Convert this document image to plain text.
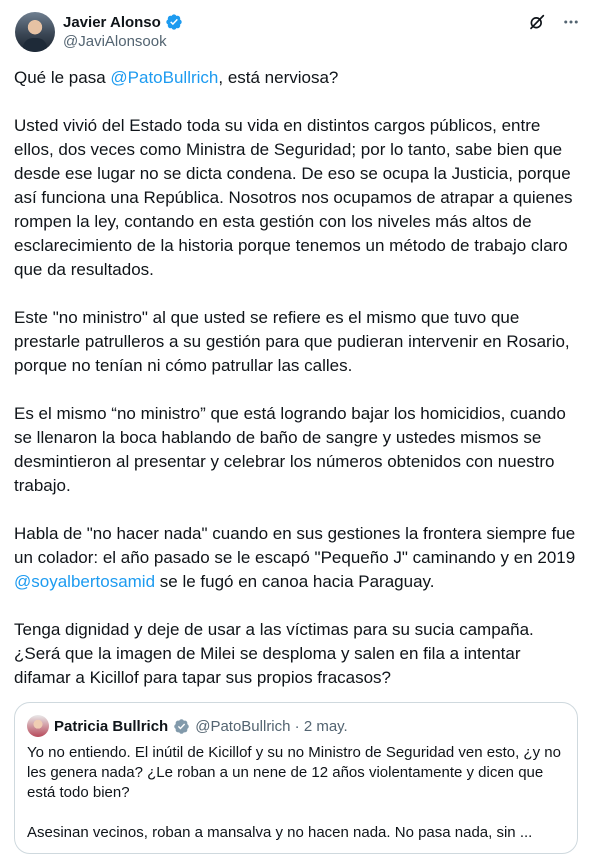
Javier Alonso
@JaviAlonsook

Qué le pasa @PatoBullrich, está nerviosa?

Usted vivió del Estado toda su vida en distintos cargos públicos, entre ellos, dos veces como Ministra de Seguridad; por lo tanto, sabe bien que desde ese lugar no se dicta condena. De eso se ocupa la Justicia, porque así funciona una República. Nosotros nos ocupamos de atrapar a quienes rompen la ley, contando en esta gestión con los niveles más altos de esclarecimiento de la historia porque tenemos un método de trabajo claro que da resultados.

Este "no ministro" al que usted se refiere es el mismo que tuvo que prestarle patrulleros a su gestión para que pudieran intervenir en Rosario, porque no tenían ni cómo patrullar las calles.

Es el mismo “no ministro” que está logrando bajar los homicidios, cuando se llenaron la boca hablando de baño de sangre y ustedes mismos se desmintieron al presentar y celebrar los números obtenidos con nuestro trabajo.

Habla de "no hacer nada" cuando en sus gestiones la frontera siempre fue un colador: el año pasado se le escapó "Pequeño J" caminando y en 2019 @soyalbertosamid se le fugó en canoa hacia Paraguay.

Tenga dignidad y deje de usar a las víctimas para su sucia campaña. ¿Será que la imagen de Milei se desploma y salen en fila a intentar difamar a Kicillof para tapar sus propios fracasos?

Patricia Bullrich @PatoBullrich · 2 may.

Yo no entiendo. El inútil de Kicillof y su no Ministro de Seguridad ven esto, ¿y no les genera nada? ¿Le roban a un nene de 12 años violentamente y dicen que está todo bien?

Asesinan vecinos, roban a mansalva y no hacen nada. No pasa nada, sin ...
